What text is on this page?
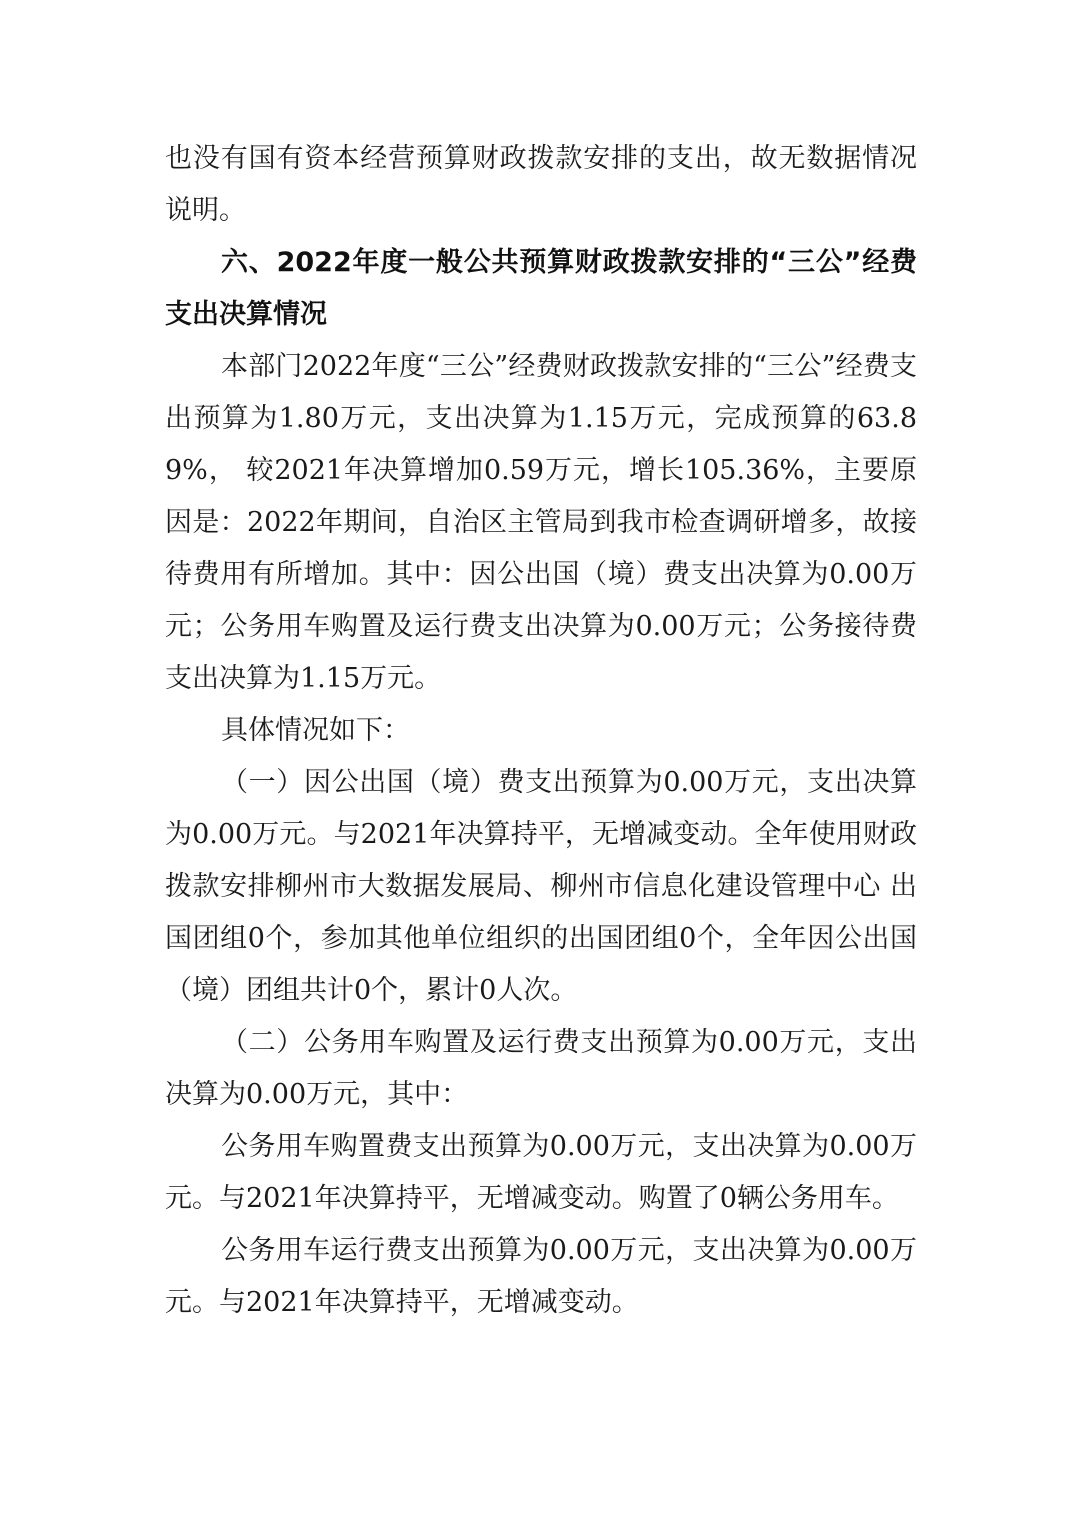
也没有国有资本经营预算财政拨款安排的支出，故无数据情况说明。

六、2022年度一般公共预算财政拨款安排的“三公”经费支出决算情况

本部门2022年度“三公”经费财政拨款安排的“三公”经费支出预算为1.80万元，支出决算为1.15万元，完成预算的63.89%， 较2021年决算增加0.59万元，增长105.36%，主要原因是：2022年期间，自治区主管局到我市检查调研增多，故接待费用有所增加。其中：因公出国（境）费支出决算为0.00万元；公务用车购置及运行费支出决算为0.00万元；公务接待费支出决算为1.15万元。

具体情况如下：

（一）因公出国（境）费支出预算为0.00万元，支出决算为0.00万元。与2021年决算持平，无增减变动。全年使用财政拨款安排柳州市大数据发展局、柳州市信息化建设管理中心 出国团组0个，参加其他单位组织的出国团组0个，全年因公出国（境）团组共计0个，累计0人次。

（二）公务用车购置及运行费支出预算为0.00万元，支出决算为0.00万元，其中：

公务用车购置费支出预算为0.00万元，支出决算为0.00万元。与2021年决算持平，无增减变动。购置了0辆公务用车。

公务用车运行费支出预算为0.00万元，支出决算为0.00万元。与2021年决算持平，无增减变动。
